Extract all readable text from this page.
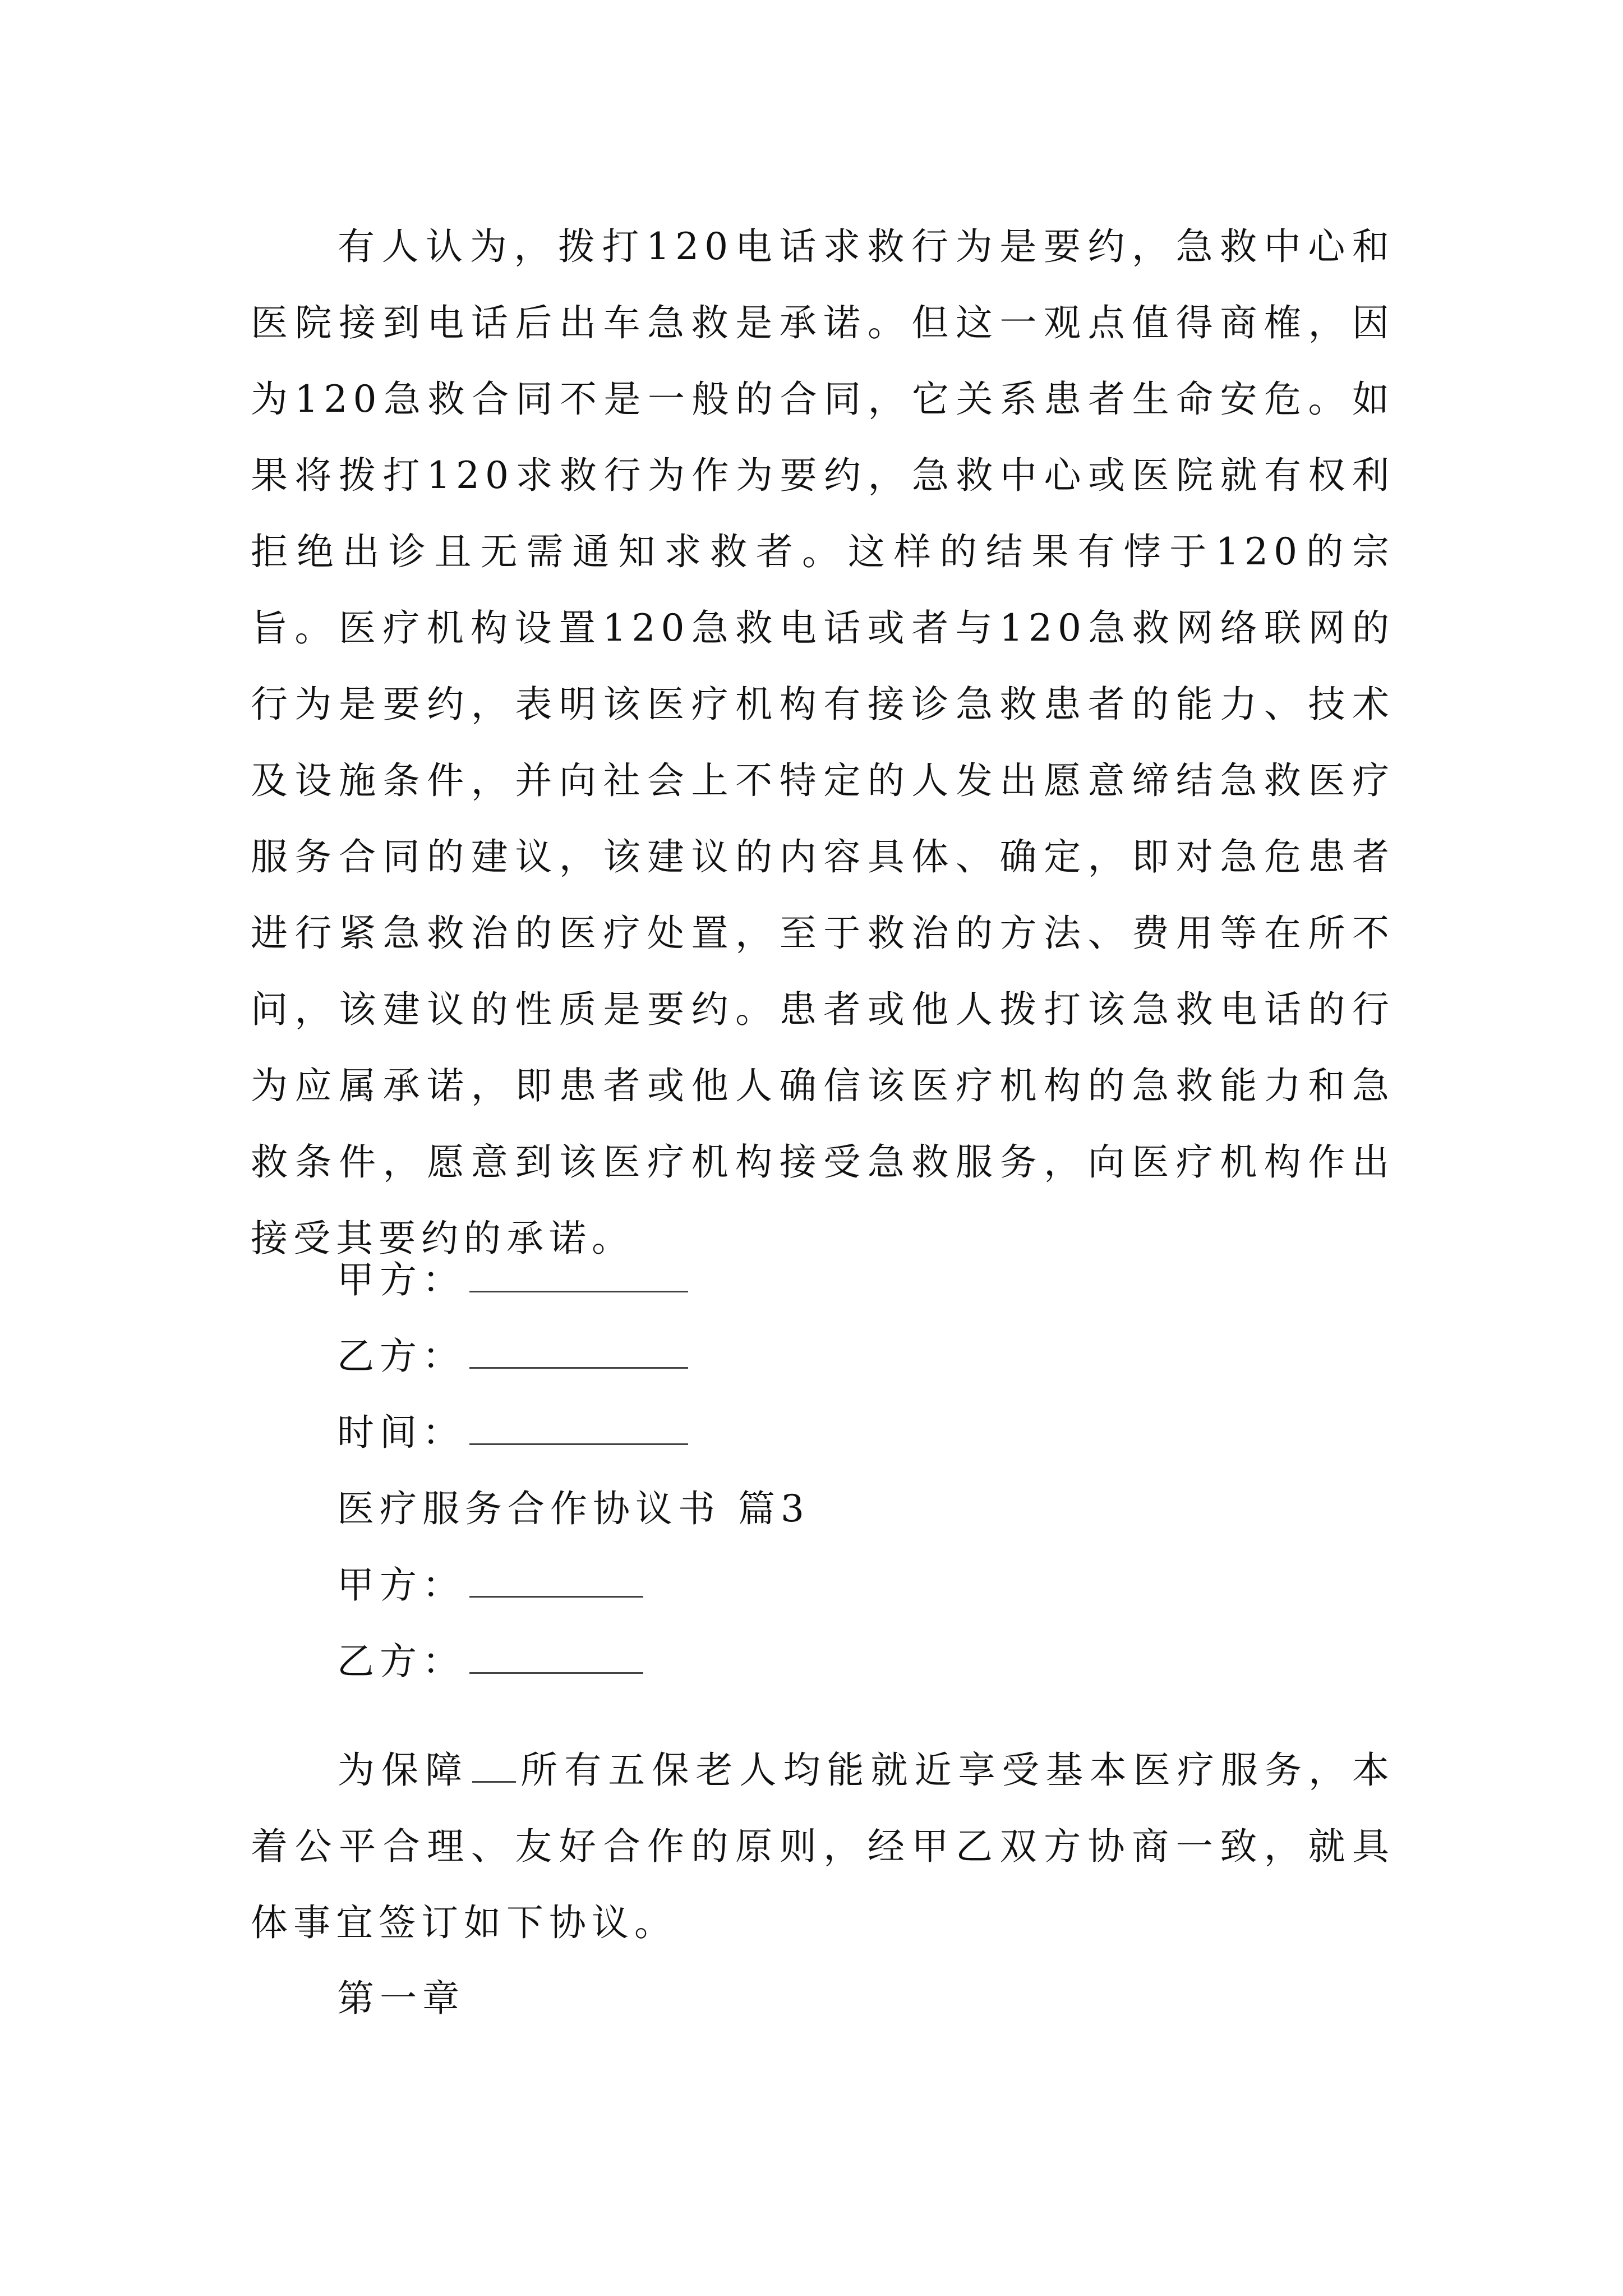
有人认为，拨打120电话求救行为是要约，急救中心和医院接到电话后出车急救是承诺。但这一观点值得商榷，因为120急救合同不是一般的合同，它关系患者生命安危。如果将拨打120求救行为作为要约，急救中心或医院就有权利拒绝出诊且无需通知求救者。这样的结果有悖于120的宗旨。医疗机构设置120急救电话或者与120急救网络联网的行为是要约，表明该医疗机构有接诊急救患者的能力、技术及设施条件，并向社会上不特定的人发出愿意缔结急救医疗服务合同的建议，该建议的内容具体、确定，即对急危患者进行紧急救治的医疗处置，至于救治的方法、费用等在所不问，该建议的性质是要约。患者或他人拨打该急救电话的行为应属承诺，即患者或他人确信该医疗机构的急救能力和急救条件，愿意到该医疗机构接受急救服务，向医疗机构作出接受其要约的承诺。

甲方：
乙方：
时间：
医疗服务合作协议书 篇3
甲方：
乙方：

为保障 所有五保老人均能就近享受基本医疗服务，本着公平合理、友好合作的原则，经甲乙双方协商一致，就具体事宜签订如下协议。

第一章
